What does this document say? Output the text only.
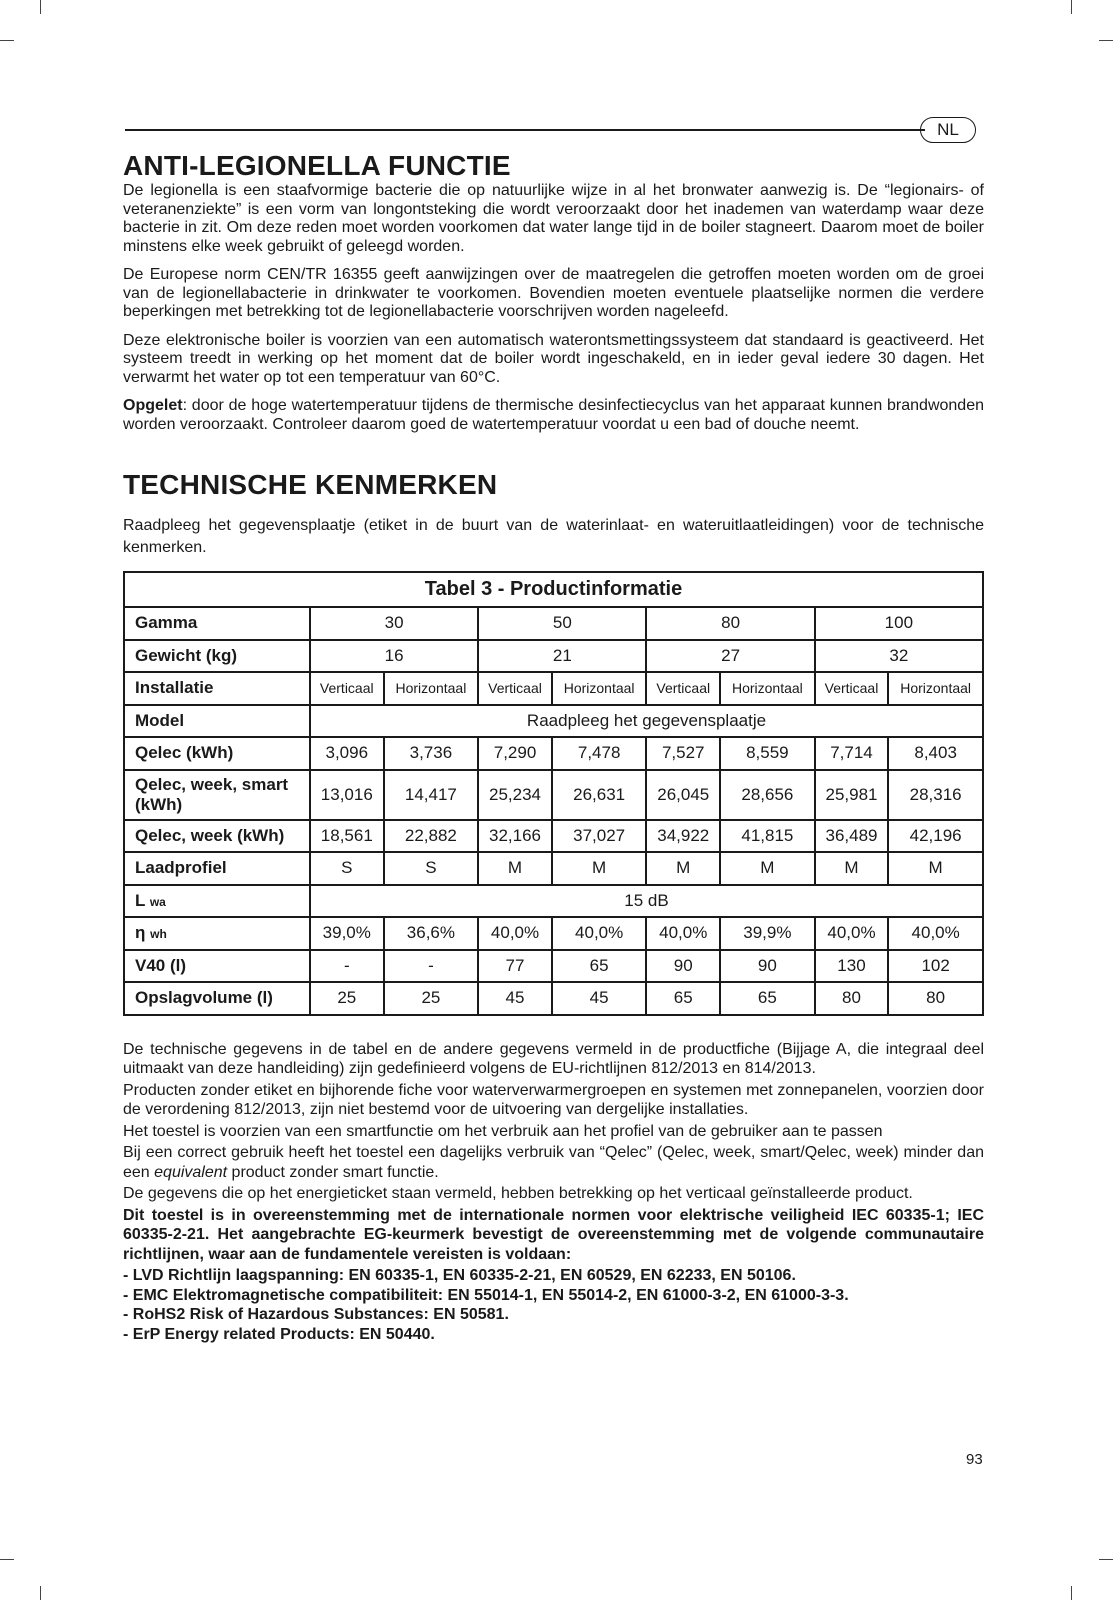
NL
ANTI-LEGIONELLA FUNCTIE

De legionella is een staafvormige bacterie die op natuurlijke wijze in al het bronwater aanwezig is. De “legionairs- of veteranenziekte” is een vorm van longontsteking die wordt veroorzaakt door het inademen van waterdamp waar deze bacterie in zit. Om deze reden moet worden voorkomen dat water lange tijd in de boiler stagneert. Daarom moet de boiler minstens elke week gebruikt of geleegd worden.

De Europese norm CEN/TR 16355 geeft aanwijzingen over de maatregelen die getroffen moeten worden om de groei van de legionellabacterie in drinkwater te voorkomen. Bovendien moeten eventuele plaatselijke normen die verdere beperkingen met betrekking tot de legionellabacterie voorschrijven worden nageleefd.

Deze elektronische boiler is voorzien van een automatisch waterontsmettingssysteem dat standaard is geactiveerd. Het systeem treedt in werking op het moment dat de boiler wordt ingeschakeld, en in ieder geval iedere 30 dagen. Het verwarmt het water op tot een temperatuur van 60°C.

Opgelet: door de hoge watertemperatuur tijdens de thermische desinfectiecyclus van het apparaat kunnen brandwonden worden veroorzaakt. Controleer daarom goed de watertemperatuur voordat u een bad of douche neemt.

TECHNISCHE KENMERKEN

Raadpleeg het gegevensplaatje (etiket in de buurt van de waterinlaat- en wateruitlaatleidingen) voor de technische kenmerken.

Tabel 3 - Productinformatie								
Gamma	30		50		80		100	
Gewicht (kg)	16		21		27		32	
Installatie	Verticaal	Horizontaal	Verticaal	Horizontaal	Verticaal	Horizontaal	Verticaal	Horizontaal
Model	Raadpleeg het gegevensplaatje							
Qelec (kWh)	3,096	3,736	7,290	7,478	7,527	8,559	7,714	8,403
Qelec, week, smart (kWh)	13,016	14,417	25,234	26,631	26,045	28,656	25,981	28,316
Qelec, week (kWh)	18,561	22,882	32,166	37,027	34,922	41,815	36,489	42,196
Laadprofiel	S	S	M	M	M	M	M	M
L wa	15 dB							
η wh	39,0%	36,6%	40,0%	40,0%	40,0%	39,9%	40,0%	40,0%
V40 (l)	-	-	77	65	90	90	130	102
Opslagvolume (l)	25	25	45	45	65	65	80	80

De technische gegevens in de tabel en de andere gegevens vermeld in de productfiche (Bijjage A, die integraal deel uitmaakt van deze handleiding) zijn gedefinieerd volgens de EU-richtlijnen 812/2013 en 814/2013.

Producten zonder etiket en bijhorende fiche voor waterverwarmergroepen en systemen met zonnepanelen, voorzien door de verordening 812/2013, zijn niet bestemd voor de uitvoering van dergelijke installaties.

Het toestel is voorzien van een smartfunctie om het verbruik aan het profiel van de gebruiker aan te passen

Bij een correct gebruik heeft het toestel een dagelijks verbruik van “Qelec” (Qelec, week, smart/Qelec, week) minder dan een equivalent product zonder smart functie.

De gegevens die op het energieticket staan vermeld, hebben betrekking op het verticaal geïnstalleerde product.

Dit toestel is in overeenstemming met de internationale normen voor elektrische veiligheid IEC 60335-1; IEC 60335-2-21. Het aangebrachte EG-keurmerk bevestigt de overeenstemming met de volgende communautaire richtlijnen, waar aan de fundamentele vereisten is voldaan:

- LVD Richtlijn laagspanning: EN 60335-1, EN 60335-2-21, EN 60529, EN 62233, EN 50106.
- EMC Elektromagnetische compatibiliteit: EN 55014-1, EN 55014-2, EN 61000-3-2, EN 61000-3-3.
- RoHS2 Risk of Hazardous Substances: EN 50581.
- ErP Energy related Products: EN 50440.
93
